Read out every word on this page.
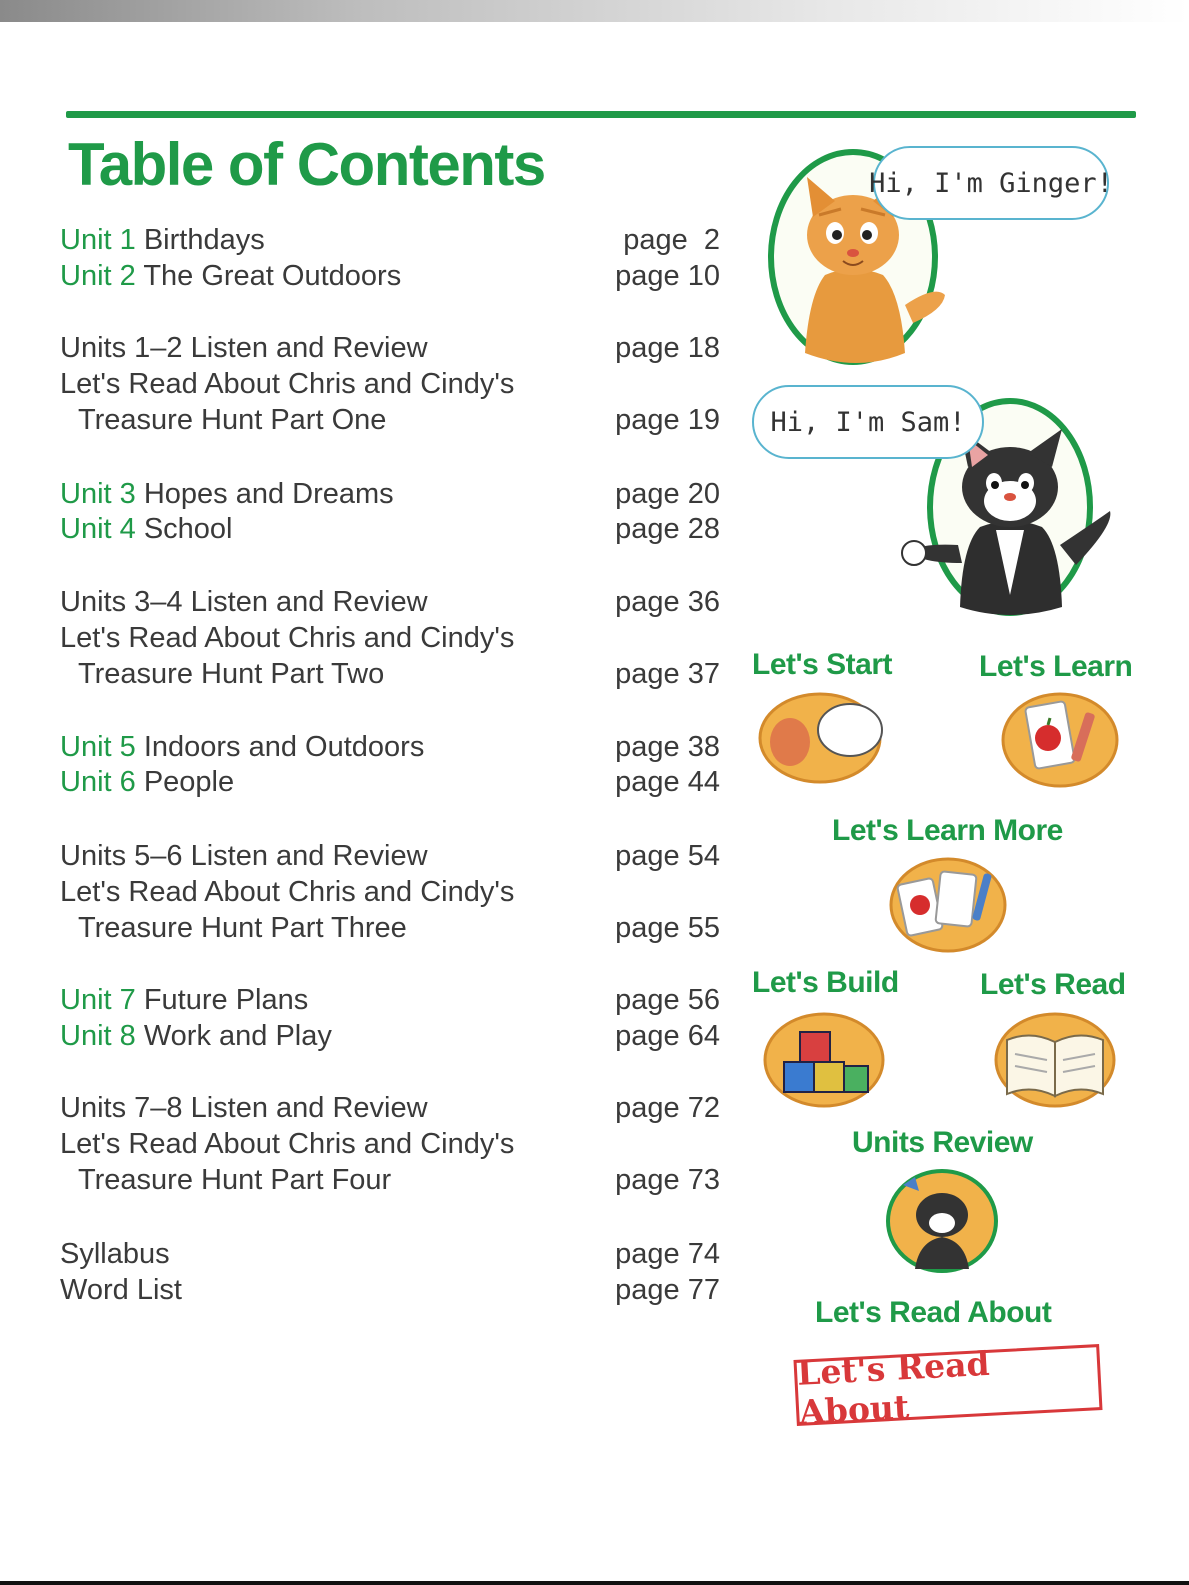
Table of Contents
Unit 1 Birthdays	page  2
Unit 2 The Great Outdoors	page 10
Units 1–2 Listen and Review	page 18
Let's Read About Chris and Cindy's
Treasure Hunt Part One	page 19
Unit 3 Hopes and Dreams	page 20
Unit 4 School	page 28
Units 3–4 Listen and Review	page 36
Let's Read About Chris and Cindy's
Treasure Hunt Part Two	page 37
Unit 5 Indoors and Outdoors	page 38
Unit 6 People	page 44
Units 5–6 Listen and Review	page 54
Let's Read About Chris and Cindy's
Treasure Hunt Part Three	page 55
Unit 7 Future Plans	page 56
Unit 8 Work and Play	page 64
Units 7–8 Listen and Review	page 72
Let's Read About Chris and Cindy's
Treasure Hunt Part Four	page 73
Syllabus	page 74
Word List	page 77
Hi, I'm Ginger!
Hi, I'm Sam!
Let's Start	Let's Learn
Let's Learn More
Let's Build	Let's Read
Units Review
Let's Read About
Let's Read About
